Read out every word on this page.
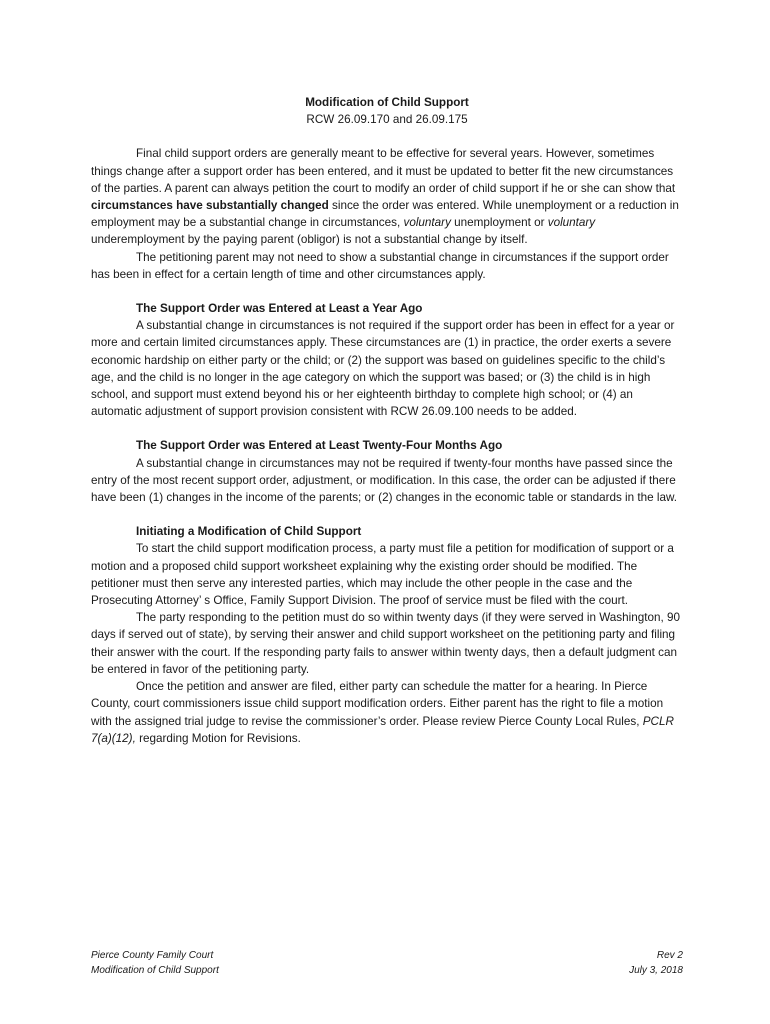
Modification of Child Support
RCW 26.09.170 and 26.09.175

Final child support orders are generally meant to be effective for several years. However, sometimes things change after a support order has been entered, and it must be updated to better fit the new circumstances of the parties. A parent can always petition the court to modify an order of child support if he or she can show that circumstances have substantially changed since the order was entered. While unemployment or a reduction in employment may be a substantial change in circumstances, voluntary unemployment or voluntary underemployment by the paying parent (obligor) is not a substantial change by itself.

The petitioning parent may not need to show a substantial change in circumstances if the support order has been in effect for a certain length of time and other circumstances apply.

The Support Order was Entered at Least a Year Ago

A substantial change in circumstances is not required if the support order has been in effect for a year or more and certain limited circumstances apply. These circumstances are (1) in practice, the order exerts a severe economic hardship on either party or the child; or (2) the support was based on guidelines specific to the child’s age, and the child is no longer in the age category on which the support was based; or (3) the child is in high school, and support must extend beyond his or her eighteenth birthday to complete high school; or (4) an automatic adjustment of support provision consistent with RCW 26.09.100 needs to be added.

The Support Order was Entered at Least Twenty-Four Months Ago

A substantial change in circumstances may not be required if twenty-four months have passed since the entry of the most recent support order, adjustment, or modification. In this case, the order can be adjusted if there have been (1) changes in the income of the parents; or (2) changes in the economic table or standards in the law.

Initiating a Modification of Child Support

To start the child support modification process, a party must file a petition for modification of support or a motion and a proposed child support worksheet explaining why the existing order should be modified. The petitioner must then serve any interested parties, which may include the other people in the case and the Prosecuting Attorney’ s Office, Family Support Division. The proof of service must be filed with the court.

The party responding to the petition must do so within twenty days (if they were served in Washington, 90 days if served out of state), by serving their answer and child support worksheet on the petitioning party and filing their answer with the court. If the responding party fails to answer within twenty days, then a default judgment can be entered in favor of the petitioning party.

Once the petition and answer are filed, either party can schedule the matter for a hearing. In Pierce County, court commissioners issue child support modification orders. Either parent has the right to file a motion with the assigned trial judge to revise the commissioner’s order. Please review Pierce County Local Rules, PCLR 7(a)(12), regarding Motion for Revisions.

Pierce County Family Court
Modification of Child Support
Rev 2
July 3, 2018
